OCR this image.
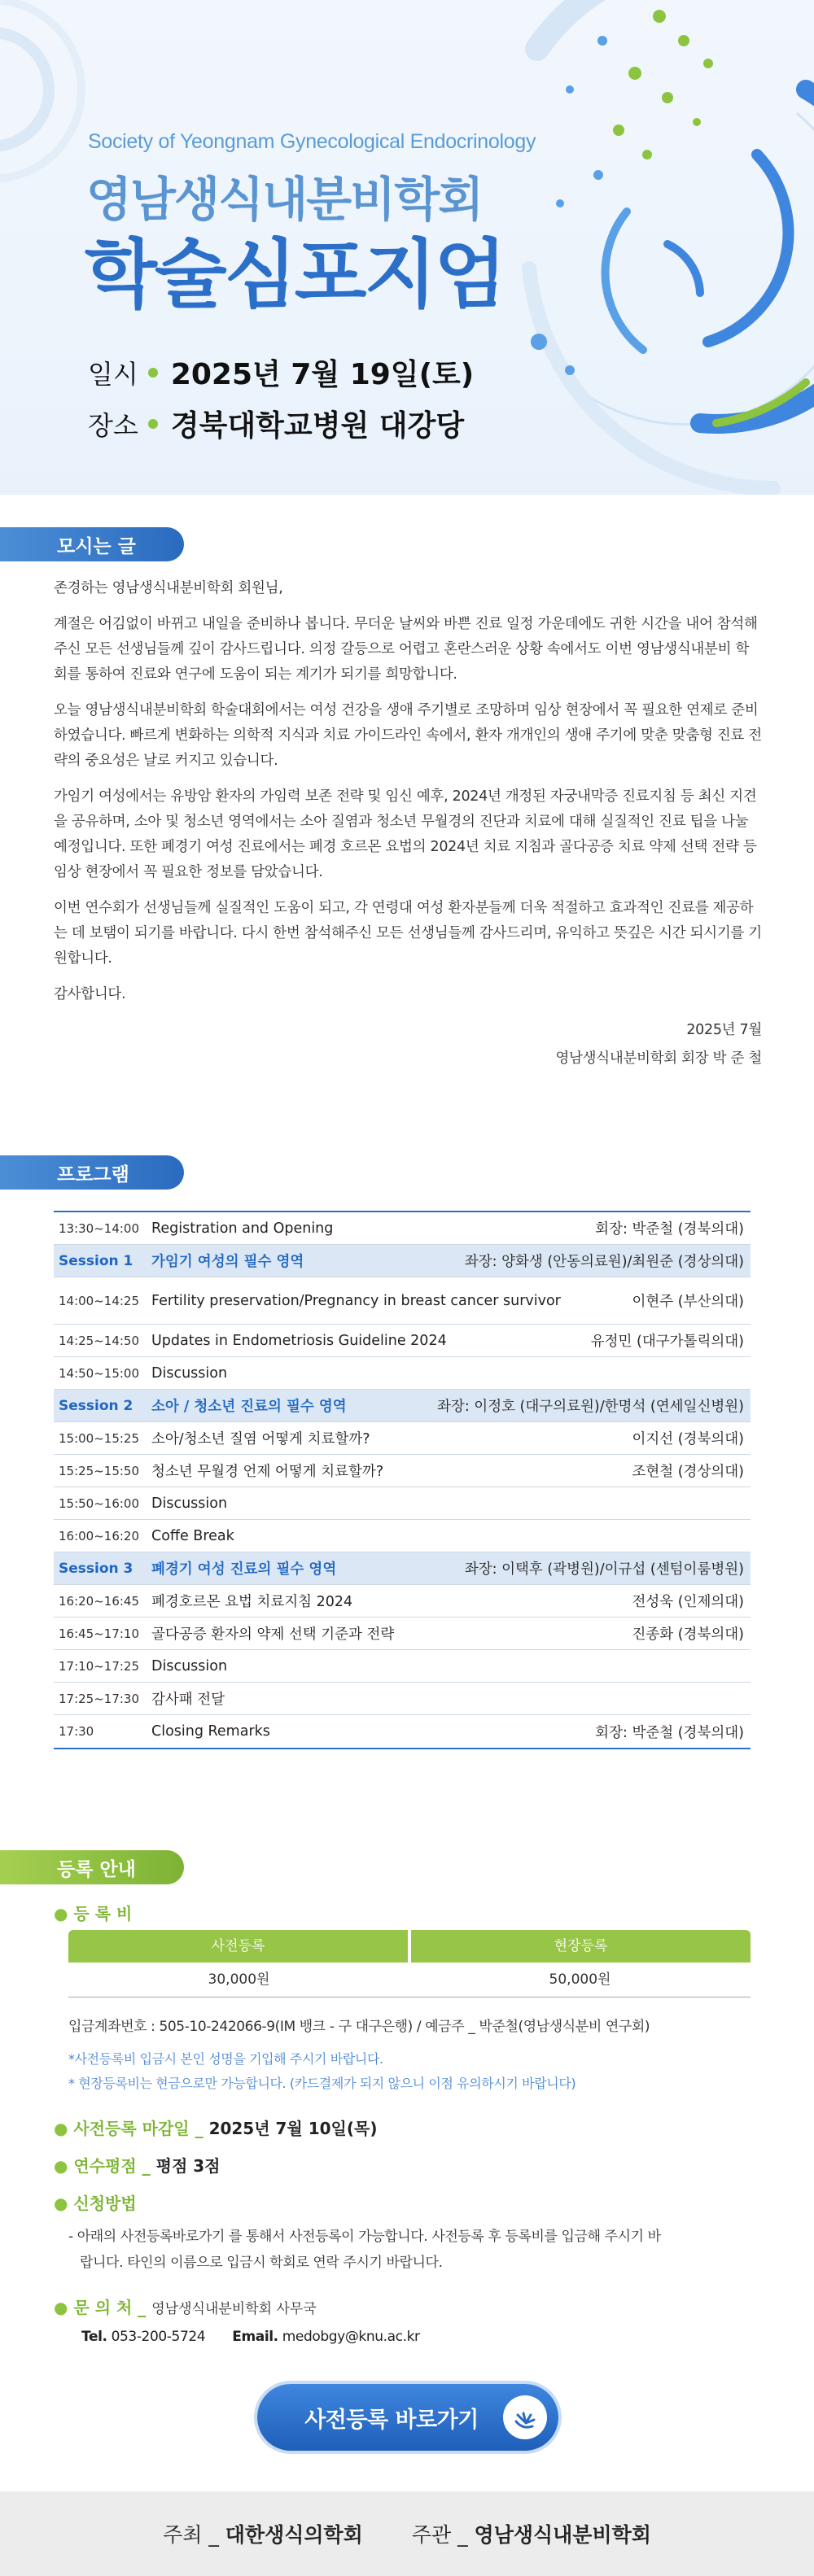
Society of Yeongnam Gynecological Endocrinology
영남생식내분비학회
학술심포지엄
일시 2025년 7월 19일(토)
장소 경북대학교병원 대강당
모시는 글

존경하는 영남생식내분비학회 회원님,

계절은 어김없이 바뀌고 내일을 준비하나 봅니다. 무더운 날씨와 바쁜 진료 일정 가운데에도 귀한 시간을 내어 참석해 주신 모든 선생님들께 깊이 감사드립니다. 의정 갈등으로 어렵고 혼란스러운 상황 속에서도 이번 영남생식내분비 학회를 통하여 진료와 연구에 도움이 되는 계기가 되기를 희망합니다.

오늘 영남생식내분비학회 학술대회에서는 여성 건강을 생애 주기별로 조망하며 임상 현장에서 꼭 필요한 연제로 준비하였습니다. 빠르게 변화하는 의학적 지식과 치료 가이드라인 속에서, 환자 개개인의 생애 주기에 맞춘 맞춤형 진료 전략의 중요성은 날로 커지고 있습니다.

가임기 여성에서는 유방암 환자의 가임력 보존 전략 및 임신 예후, 2024년 개정된 자궁내막증 진료지침 등 최신 지견을 공유하며, 소아 및 청소년 영역에서는 소아 질염과 청소년 무월경의 진단과 치료에 대해 실질적인 진료 팁을 나눌 예정입니다. 또한 폐경기 여성 진료에서는 폐경 호르몬 요법의 2024년 치료 지침과 골다공증 치료 약제 선택 전략 등 임상 현장에서 꼭 필요한 정보를 담았습니다.

이번 연수회가 선생님들께 실질적인 도움이 되고, 각 연령대 여성 환자분들께 더욱 적절하고 효과적인 진료를 제공하는 데 보탬이 되기를 바랍니다. 다시 한번 참석해주신 모든 선생님들께 감사드리며, 유익하고 뜻깊은 시간 되시기를 기원합니다.

감사합니다.

2025년 7월

영남생식내분비학회 회장 박 준 철

프로그램
13:30~14:00 Registration and Opening	회장: 박준철 (경북의대)
Session 1	가임기 여성의 필수 영역	좌장: 양화생 (안동의료원)/최원준 (경상의대)
14:00~14:25 Fertility preservation/Pregnancy in breast cancer survivor	이현주 (부산의대)
14:25~14:50 Updates in Endometriosis Guideline 2024	유정민 (대구가톨릭의대)
14:50~15:00 Discussion
Session 2	소아 / 청소년 진료의 필수 영역	좌장: 이정호 (대구의료원)/한명석 (연세일신병원)
15:00~15:25 소아/청소년 질염 어떻게 치료할까?	이지선 (경북의대)
15:25~15:50 청소년 무월경 언제 어떻게 치료할까?	조현철 (경상의대)
15:50~16:00 Discussion
16:00~16:20 Coffe Break
Session 3	폐경기 여성 진료의 필수 영역	좌장: 이택후 (곽병원)/이규섭 (센텀이룸병원)
16:20~16:45 폐경호르몬 요법 치료지침 2024	전성욱 (인제의대)
16:45~17:10 골다공증 환자의 약제 선택 기준과 전략	진종화 (경북의대)
17:10~17:25 Discussion
17:25~17:30 감사패 전달
17:30	Closing Remarks	회장: 박준철 (경북의대)
등록 안내
● 등 록 비
사전등록	현장등록
30,000원	50,000원
입금계좌번호 : 505-10-242066-9(IM 뱅크 - 구 대구은행) / 예금주 _ 박준철(영남생식분비 연구회)
*사전등록비 입금시 본인 성명을 기입해 주시기 바랍니다.
* 현장등록비는 현금으로만 가능합니다. (카드결제가 되지 않으니 이점 유의하시기 바랍니다)
● 사전등록 마감일 _ 2025년 7월 10일(목)
● 연수평점 _ 평점 3점
● 신청방법
- 아래의 사전등록바로가기 를 통해서 사전등록이 가능합니다. 사전등록 후 등록비를 입금해 주시기 바
랍니다. 타인의 이름으로 입금시 학회로 연락 주시기 바랍니다.
● 문 의 처 _ 영남생식내분비학회 사무국
Tel. 053-200-5724 Email. medobgy@knu.ac.kr
사전등록 바로가기
주최 _
대한생식의학회 주관 _
영남생식내분비학회
